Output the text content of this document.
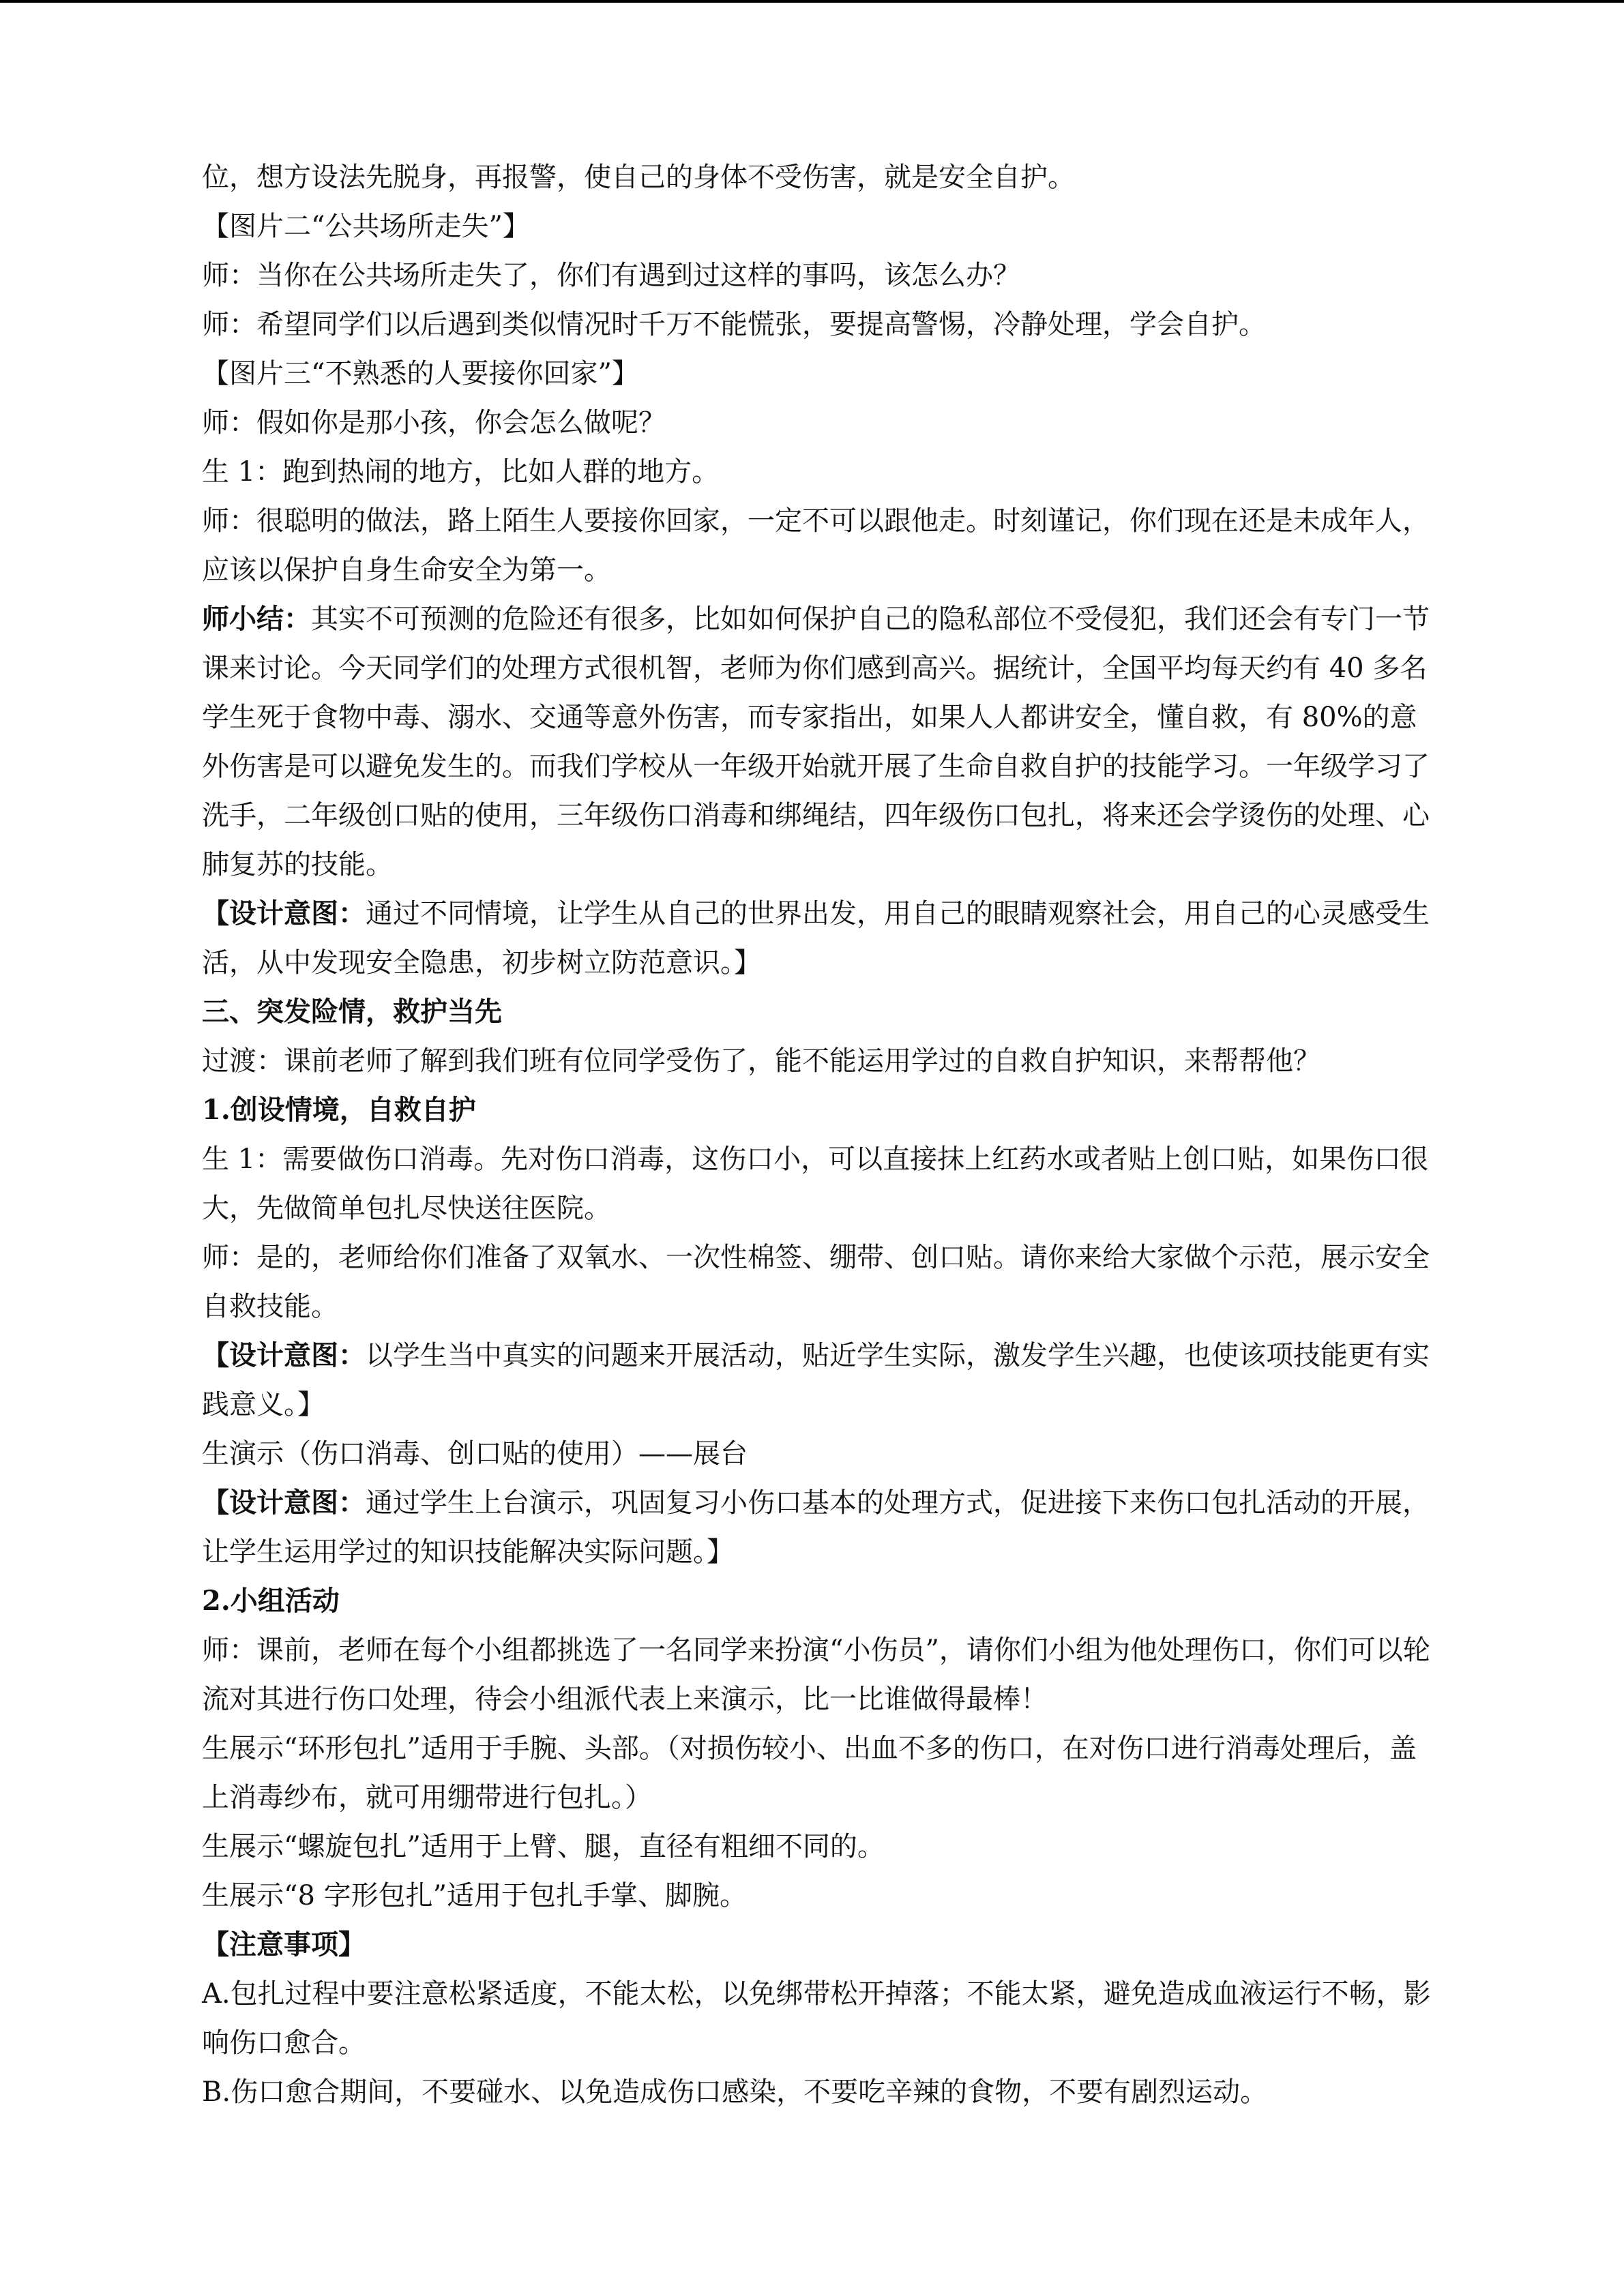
位，想方设法先脱身，再报警，使自己的身体不受伤害，就是安全自护。

【图片二“公共场所走失”】

师：当你在公共场所走失了，你们有遇到过这样的事吗，该怎么办？

师：希望同学们以后遇到类似情况时千万不能慌张，要提高警惕，冷静处理，学会自护。

【图片三“不熟悉的人要接你回家”】

师：假如你是那小孩，你会怎么做呢？

生 1：跑到热闹的地方，比如人群的地方。

师：很聪明的做法，路上陌生人要接你回家，一定不可以跟他走。时刻谨记，你们现在还是未成年人，应该以保护自身生命安全为第一。

师小结：其实不可预测的危险还有很多，比如如何保护自己的隐私部位不受侵犯，我们还会有专门一节课来讨论。今天同学们的处理方式很机智，老师为你们感到高兴。据统计，全国平均每天约有 40 多名学生死于食物中毒、溺水、交通等意外伤害，而专家指出，如果人人都讲安全，懂自救，有 80%的意外伤害是可以避免发生的。而我们学校从一年级开始就开展了生命自救自护的技能学习。一年级学习了洗手，二年级创口贴的使用，三年级伤口消毒和绑绳结，四年级伤口包扎，将来还会学烫伤的处理、心肺复苏的技能。

【设计意图：通过不同情境，让学生从自己的世界出发，用自己的眼睛观察社会，用自己的心灵感受生活，从中发现安全隐患，初步树立防范意识。】

三、突发险情，救护当先

过渡：课前老师了解到我们班有位同学受伤了，能不能运用学过的自救自护知识，来帮帮他？

1.创设情境，自救自护

生 1：需要做伤口消毒。先对伤口消毒，这伤口小，可以直接抹上红药水或者贴上创口贴，如果伤口很大，先做简单包扎尽快送往医院。

师：是的，老师给你们准备了双氧水、一次性棉签、绷带、创口贴。请你来给大家做个示范，展示安全自救技能。

【设计意图：以学生当中真实的问题来开展活动，贴近学生实际，激发学生兴趣，也使该项技能更有实践意义。】

生演示（伤口消毒、创口贴的使用）——展台

【设计意图：通过学生上台演示，巩固复习小伤口基本的处理方式，促进接下来伤口包扎活动的开展，让学生运用学过的知识技能解决实际问题。】

2.小组活动

师：课前，老师在每个小组都挑选了一名同学来扮演“小伤员”，请你们小组为他处理伤口，你们可以轮流对其进行伤口处理，待会小组派代表上来演示，比一比谁做得最棒！

生展示“环形包扎”适用于手腕、头部。（对损伤较小、出血不多的伤口，在对伤口进行消毒处理后，盖上消毒纱布，就可用绷带进行包扎。）

生展示“螺旋包扎”适用于上臂、腿，直径有粗细不同的。

生展示“8 字形包扎”适用于包扎手掌、脚腕。

【注意事项】

A.包扎过程中要注意松紧适度，不能太松，以免绑带松开掉落；不能太紧，避免造成血液运行不畅，影响伤口愈合。

B.伤口愈合期间，不要碰水、以免造成伤口感染，不要吃辛辣的食物，不要有剧烈运动。
